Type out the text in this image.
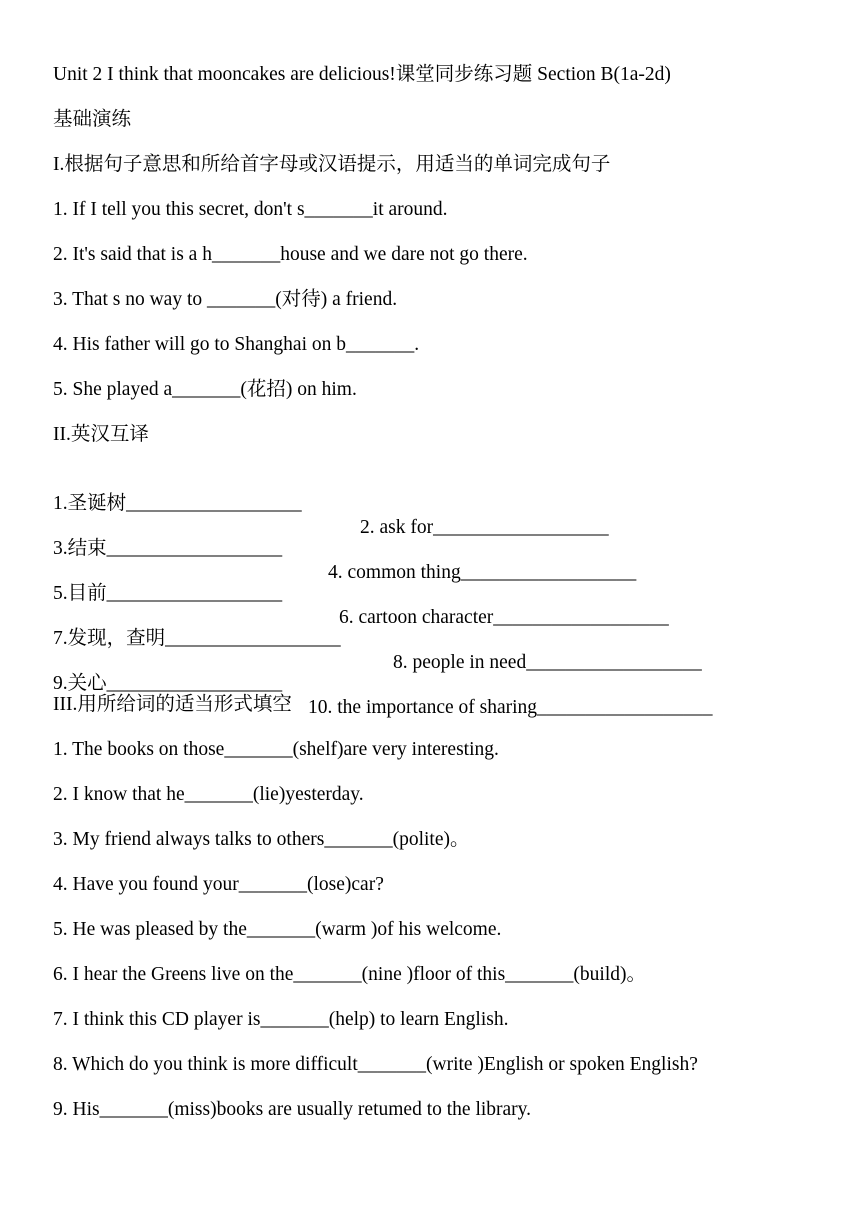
Unit 2 I think that mooncakes are delicious!课堂同步练习题 Section B(1a-2d)
基础演练
I.根据句子意思和所给首字母或汉语提示，用适当的单词完成句子
1. If I tell you this secret, don't s_______it around.
2. It's said that is a h_______house and we dare not go there.
3. That s no way to _______(对待) a friend.
4. His father will go to Shanghai on b_______.
5. She played a_______(花招) on him.
II.英汉互译

1.圣诞树__________________

2. ask for__________________

3.结束__________________

4. common thing__________________

5.目前__________________

6. cartoon character__________________

7.发现，查明__________________

8. people in need__________________

9.关心__________________

10. the importance of sharing__________________

III.用所给词的适当形式填空
1. The books on those_______(shelf)are very interesting.
2. I know that he_______(lie)yesterday.
3. My friend always talks to others_______(polite)。
4. Have you found your_______(lose)car?
5. He was pleased by the_______(warm )of his welcome.
6. I hear the Greens live on the_______(nine )floor of this_______(build)。
7. I think this CD player is_______(help) to learn English.
8. Which do you think is more difficult_______(write )English or spoken English?
9. His_______(miss)books are usually retumed to the library.
